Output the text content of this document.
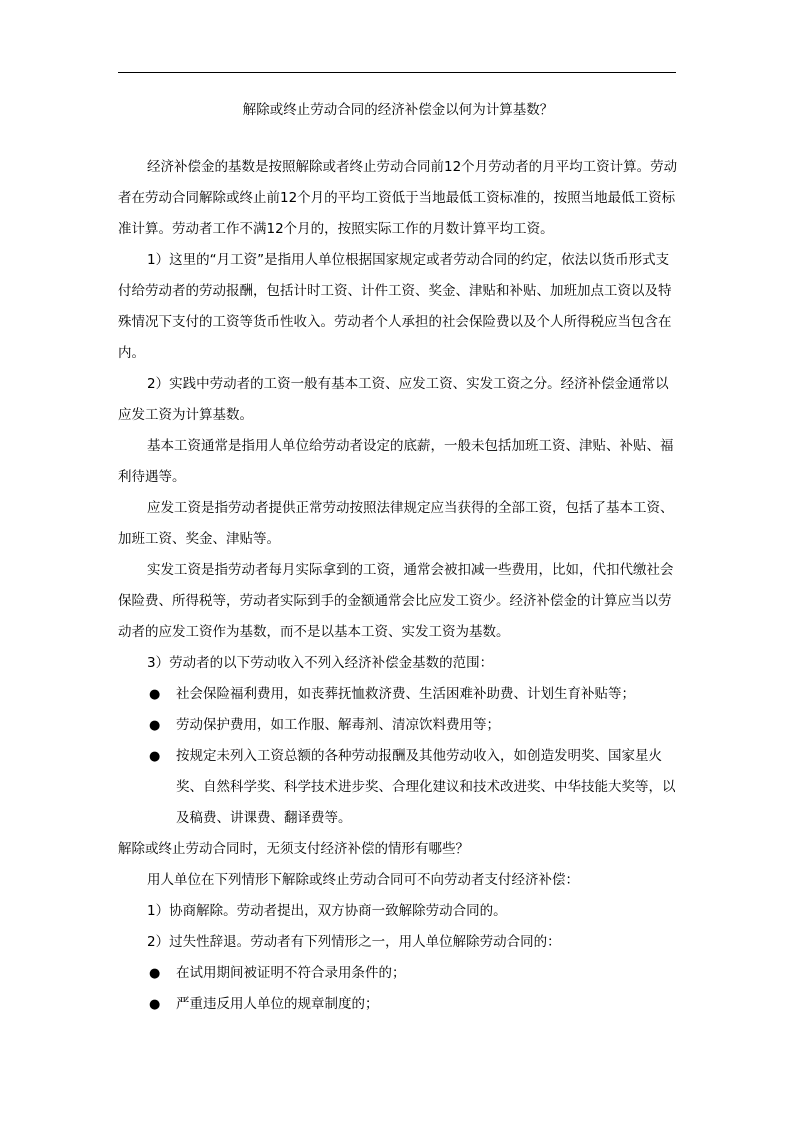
解除或终止劳动合同的经济补偿金以何为计算基数？

经济补偿金的基数是按照解除或者终止劳动合同前12个月劳动者的月平均工资计算。劳动者在劳动合同解除或终止前12个月的平均工资低于当地最低工资标准的，按照当地最低工资标准计算。劳动者工作不满12个月的，按照实际工作的月数计算平均工资。

1）这里的“月工资”是指用人单位根据国家规定或者劳动合同的约定，依法以货币形式支付给劳动者的劳动报酬，包括计时工资、计件工资、奖金、津贴和补贴、加班加点工资以及特殊情况下支付的工资等货币性收入。劳动者个人承担的社会保险费以及个人所得税应当包含在内。

2）实践中劳动者的工资一般有基本工资、应发工资、实发工资之分。经济补偿金通常以应发工资为计算基数。

基本工资通常是指用人单位给劳动者设定的底薪，一般未包括加班工资、津贴、补贴、福利待遇等。

应发工资是指劳动者提供正常劳动按照法律规定应当获得的全部工资，包括了基本工资、加班工资、奖金、津贴等。

实发工资是指劳动者每月实际拿到的工资，通常会被扣减一些费用，比如，代扣代缴社会保险费、所得税等，劳动者实际到手的金额通常会比应发工资少。经济补偿金的计算应当以劳动者的应发工资作为基数，而不是以基本工资、实发工资为基数。

3）劳动者的以下劳动收入不列入经济补偿金基数的范围：

● 社会保险福利费用，如丧葬抚恤救济费、生活困难补助费、计划生育补贴等；
● 劳动保护费用，如工作服、解毒剂、清凉饮料费用等；
● 按规定未列入工资总额的各种劳动报酬及其他劳动收入，如创造发明奖、国家星火奖、自然科学奖、科学技术进步奖、合理化建议和技术改进奖、中华技能大奖等，以及稿费、讲课费、翻译费等。

解除或终止劳动合同时，无须支付经济补偿的情形有哪些？

用人单位在下列情形下解除或终止劳动合同可不向劳动者支付经济补偿：

1）协商解除。劳动者提出，双方协商一致解除劳动合同的。

2）过失性辞退。劳动者有下列情形之一，用人单位解除劳动合同的：

● 在试用期间被证明不符合录用条件的；
● 严重违反用人单位的规章制度的；
